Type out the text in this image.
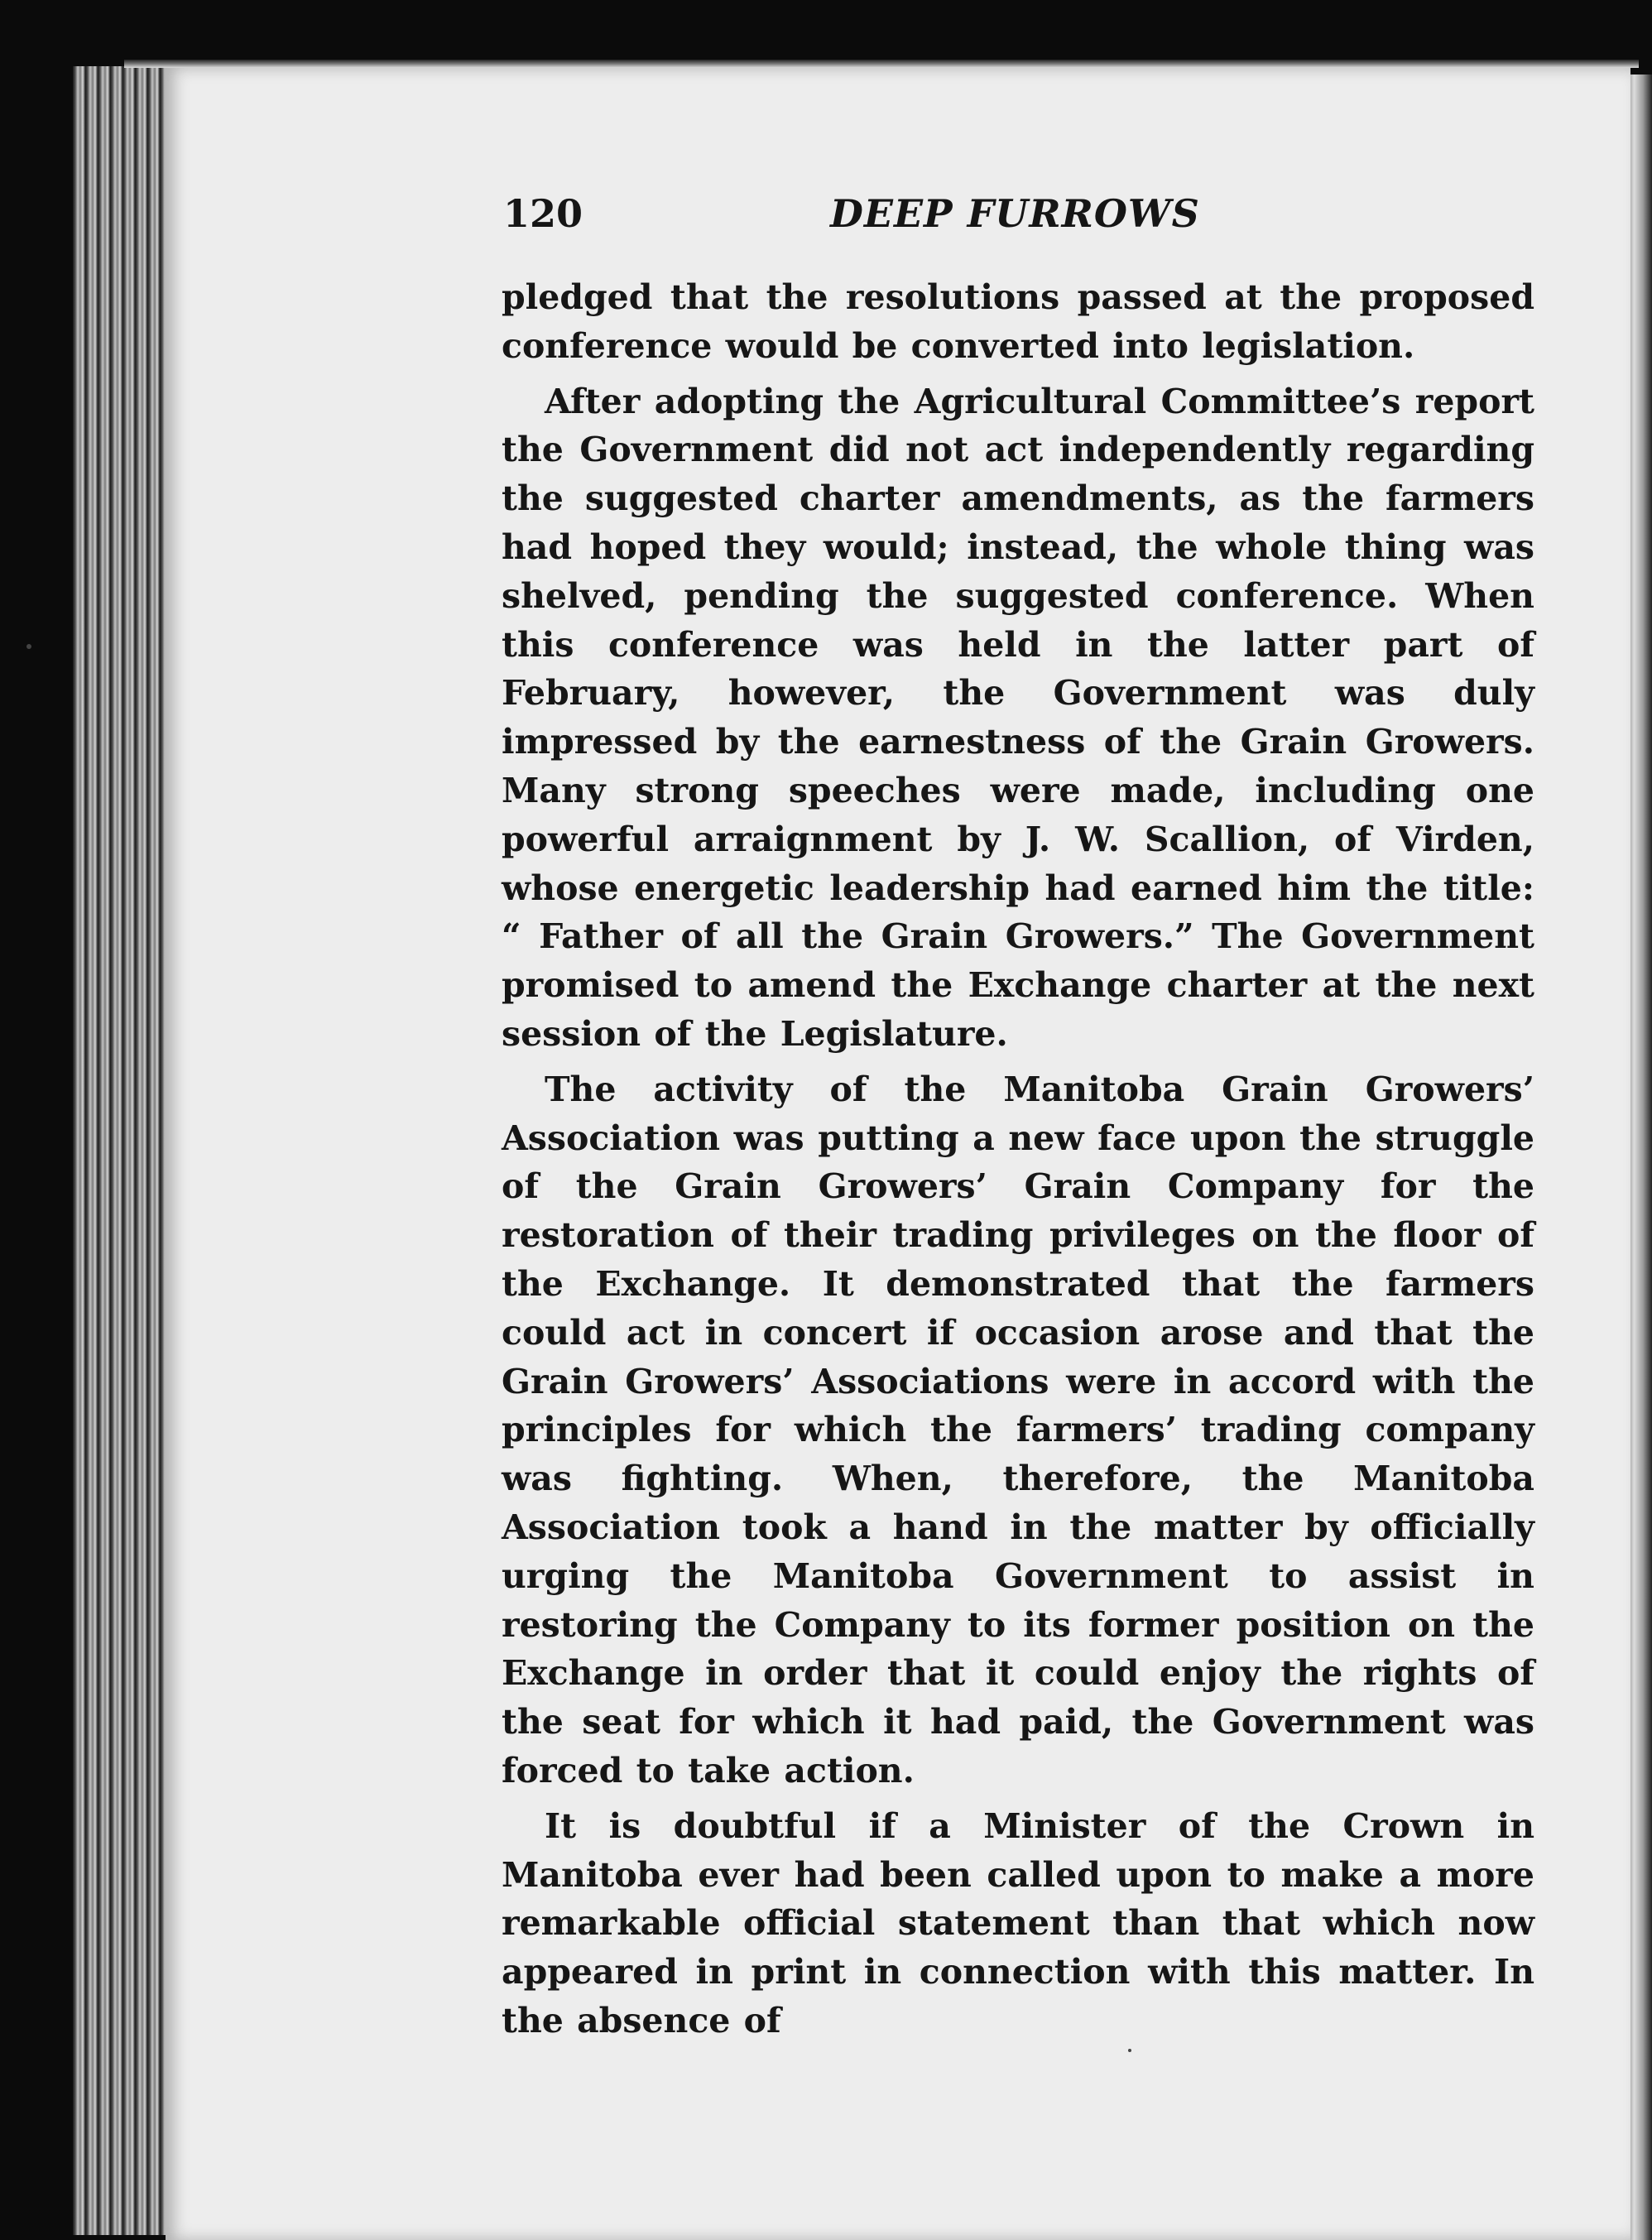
120	DEEP FURROWS

pledged that the resolutions passed at the proposed conference would be converted into legislation.

After adopting the Agricultural Committee’s report the Government did not act independently regarding the suggested charter amendments, as the farmers had hoped they would; instead, the whole thing was shelved, pending the suggested conference. When this conference was held in the latter part of February, however, the Government was duly impressed by the earnestness of the Grain Growers. Many strong speeches were made, including one powerful arraignment by J. W. Scallion, of Virden, whose energetic leadership had earned him the title: “ Father of all the Grain Growers.” The Government promised to amend the Exchange charter at the next session of the Legislature.

The activity of the Manitoba Grain Growers’ Association was putting a new face upon the struggle of the Grain Growers’ Grain Company for the restoration of their trading privileges on the floor of the Exchange. It demonstrated that the farmers could act in concert if occasion arose and that the Grain Growers’ Associations were in accord with the principles for which the farmers’ trading company was fighting. When, therefore, the Manitoba Association took a hand in the matter by officially urging the Manitoba Government to assist in restoring the Company to its former position on the Exchange in order that it could enjoy the rights of the seat for which it had paid, the Government was forced to take action.

It is doubtful if a Minister of the Crown in Manitoba ever had been called upon to make a more remarkable official statement than that which now appeared in print in connection with this matter. In the absence of
